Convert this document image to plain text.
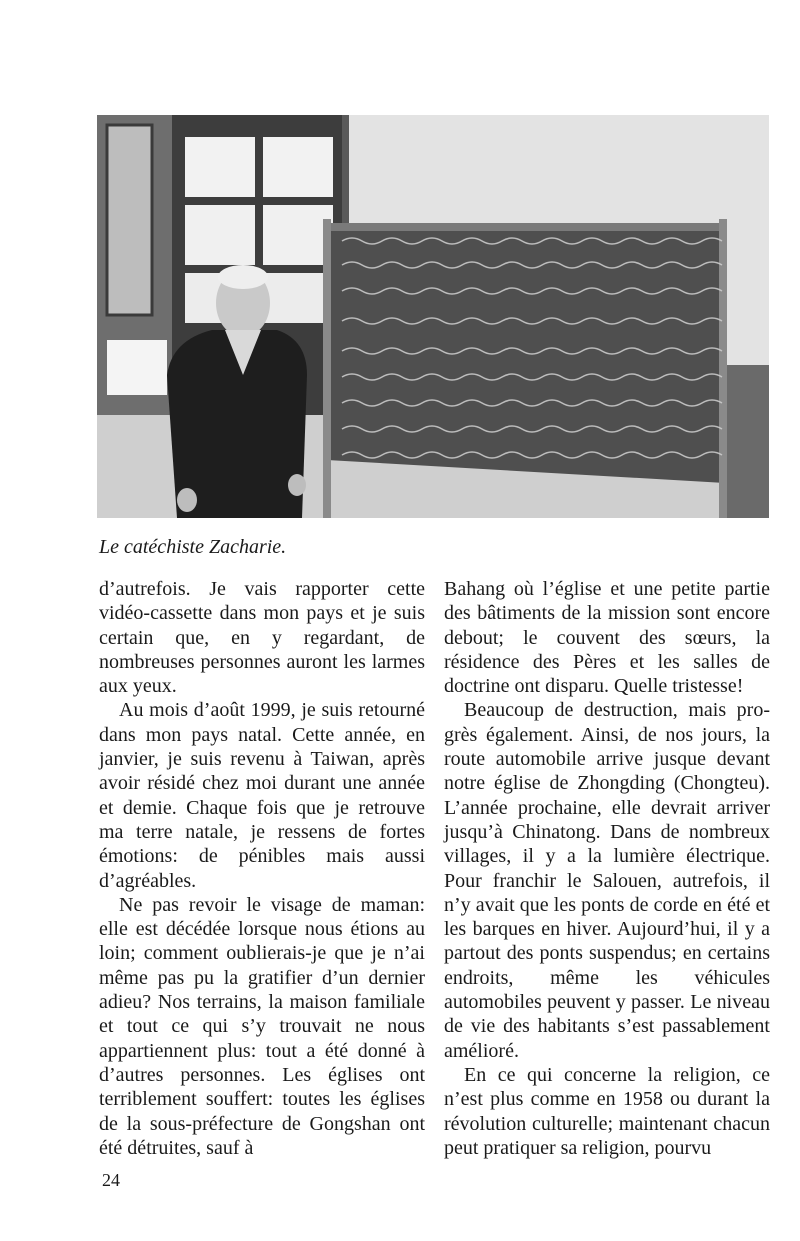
Le catéchiste Zacharie.

d’autrefois. Je vais rapporter cette vidéo-cassette dans mon pays et je suis certain que, en y regardant, de nombreuses personnes auront les larmes aux yeux.

Au mois d’août 1999, je suis retourné dans mon pays natal. Cette année, en janvier, je suis revenu à Taiwan, après avoir résidé chez moi durant une année et demie. Chaque fois que je retrouve ma terre natale, je ressens de fortes émotions: de pénibles mais aussi d’agréables.

Ne pas revoir le visage de maman: elle est décédée lorsque nous étions au loin; comment oublierais-je que je n’ai même pas pu la gratifier d’un dernier adieu? Nos terrains, la maison familiale et tout ce qui s’y trouvait ne nous appartiennent plus: tout a été donné à d’autres personnes. Les églises ont terriblement souffert: toutes les églises de la sous-préfecture de Gongshan ont été détruites, sauf à

Bahang où l’église et une petite partie des bâtiments de la mission sont encore debout; le couvent des sœurs, la résidence des Pères et les salles de doctrine ont disparu. Quelle tristesse!

Beaucoup de destruction, mais progrès également. Ainsi, de nos jours, la route automobile arrive jusque devant notre église de Zhongding (Chongteu). L’année prochaine, elle devrait arriver jusqu’à Chinatong. Dans de nombreux villages, il y a la lumière électrique. Pour franchir le Salouen, autrefois, il n’y avait que les ponts de corde en été et les barques en hiver. Aujourd’hui, il y a partout des ponts suspendus; en certains endroits, même les véhicules automobiles peuvent y passer. Le niveau de vie des habitants s’est passablement amélioré.

En ce qui concerne la religion, ce n’est plus comme en 1958 ou durant la révolution culturelle; maintenant chacun peut pratiquer sa religion, pourvu

24
